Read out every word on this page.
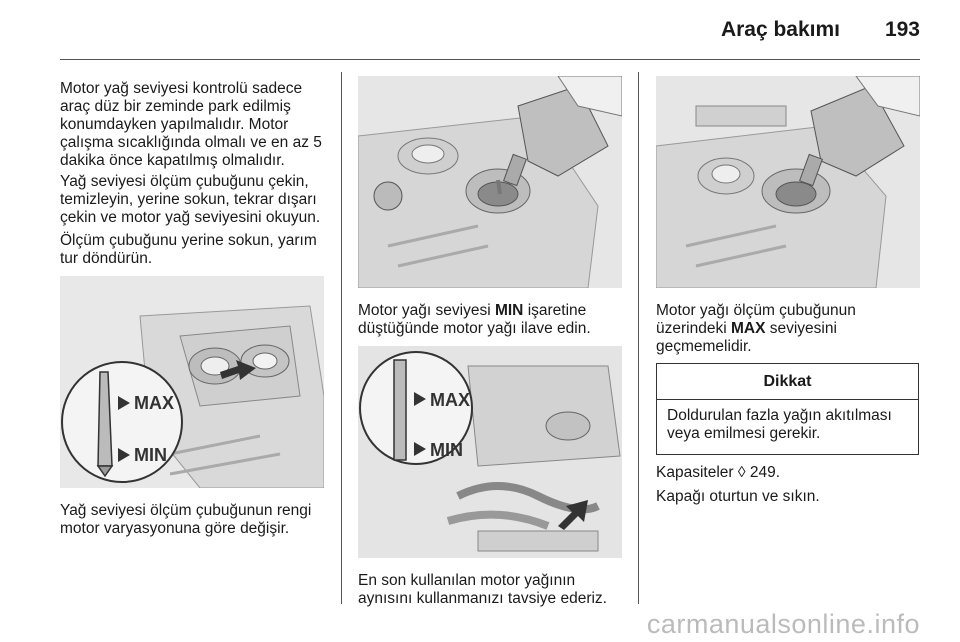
Araç bakımı 193

Motor yağ seviyesi kontrolü sadece araç düz bir zeminde park edilmiş konumdayken yapılmalıdır. Motor çalışma sıcaklığında olmalı ve en az 5 dakika önce kapatılmış olmalıdır.

Yağ seviyesi ölçüm çubuğunu çekin, temizleyin, yerine sokun, tekrar dışarı çekin ve motor yağ seviyesini okuyun.

Ölçüm çubuğunu yerine sokun, yarım tur döndürün.

MAX
MIN

Yağ seviyesi ölçüm çubuğunun rengi motor varyasyonuna göre değişir.

Motor yağı seviyesi MIN işaretine düştüğünde motor yağı ilave edin.

MAX
MIN

En son kullanılan motor yağının aynısını kullanmanızı tavsiye ederiz.

Motor yağı ölçüm çubuğunun üzerindeki MAX seviyesini geçmemelidir.

Dikkat
Doldurulan fazla yağın akıtılması veya emilmesi gerekir.

Kapasiteler ◊ 249.

Kapağı oturtun ve sıkın.

carmanualsonline.info
